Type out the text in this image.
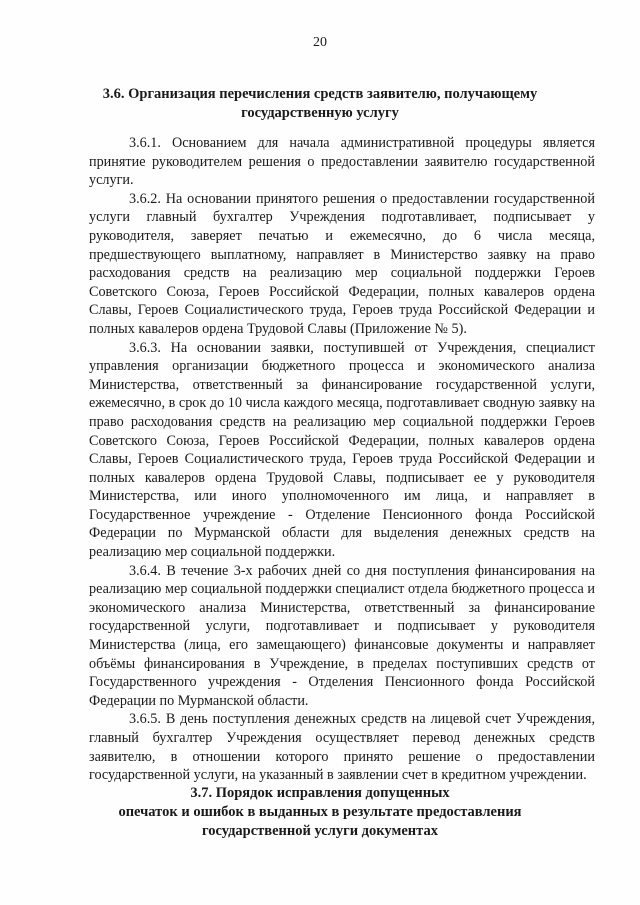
20
3.6. Организация перечисления средств заявителю, получающему
государственную услугу

3.6.1. Основанием для начала административной процедуры является принятие руководителем решения о предоставлении заявителю государственной услуги.

3.6.2. На основании принятого решения о предоставлении государственной услуги главный бухгалтер Учреждения подготавливает, подписывает у руководителя, заверяет печатью и ежемесячно, до 6 числа месяца, предшествующего выплатному, направляет в Министерство заявку на право расходования средств на реализацию мер социальной поддержки Героев Советского Союза, Героев Российской Федерации, полных кавалеров ордена Славы, Героев Социалистического труда, Героев труда Российской Федерации и полных кавалеров ордена Трудовой Славы (Приложение № 5).

3.6.3. На основании заявки, поступившей от Учреждения, специалист управления организации бюджетного процесса и экономического анализа Министерства, ответственный за финансирование государственной услуги, ежемесячно, в срок до 10 числа каждого месяца, подготавливает сводную заявку на право расходования средств на реализацию мер социальной поддержки Героев Советского Союза, Героев Российской Федерации, полных кавалеров ордена Славы, Героев Социалистического труда, Героев труда Российской Федерации и полных кавалеров ордена Трудовой Славы, подписывает ее у руководителя Министерства, или иного уполномоченного им лица, и направляет в Государственное учреждение - Отделение Пенсионного фонда Российской Федерации по Мурманской области для выделения денежных средств на реализацию мер социальной поддержки.

3.6.4. В течение 3-х рабочих дней со дня поступления финансирования на реализацию мер социальной поддержки специалист отдела бюджетного процесса и экономического анализа Министерства, ответственный за финансирование государственной услуги, подготавливает и подписывает у руководителя Министерства (лица, его замещающего) финансовые документы и направляет объёмы финансирования в Учреждение, в пределах поступивших средств от Государственного учреждения - Отделения Пенсионного фонда Российской Федерации по Мурманской области.

3.6.5. В день поступления денежных средств на лицевой счет Учреждения, главный бухгалтер Учреждения осуществляет перевод денежных средств заявителю, в отношении которого принято решение о предоставлении государственной услуги, на указанный в заявлении счет в кредитном учреждении.

3.7. Порядок исправления допущенных
опечаток и ошибок в выданных в результате предоставления
государственной услуги документах
